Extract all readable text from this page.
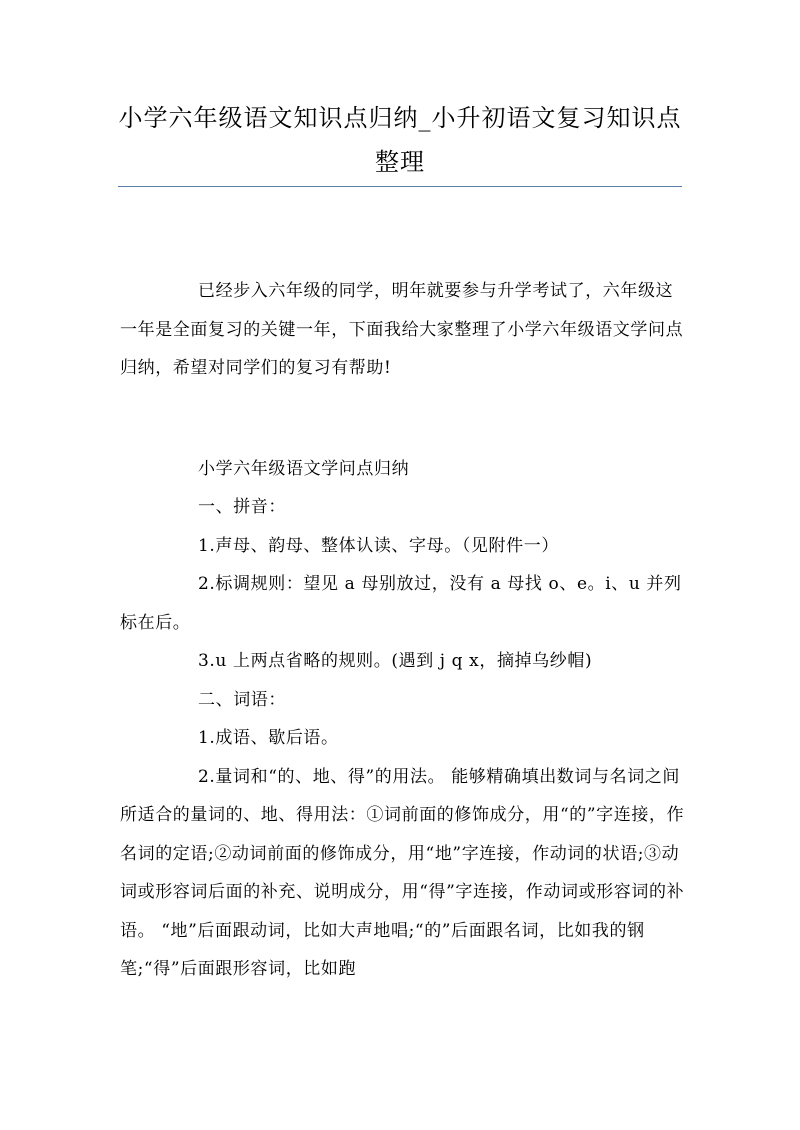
小学六年级语文知识点归纳_小升初语文复习知识点整理

已经步入六年级的同学，明年就要参与升学考试了，六年级这一年是全面复习的关键一年，下面我给大家整理了小学六年级语文学问点归纳，希望对同学们的复习有帮助!

小学六年级语文学问点归纳

一、拼音：

1.声母、韵母、整体认读、字母。（见附件一）

2.标调规则：望见 a 母别放过，没有 a 母找 o、e。i、u 并列标在后。

3.u 上两点省略的规则。(遇到 j q x，摘掉乌纱帽)

二、词语：

1.成语、歇后语。

2.量词和“的、地、得”的用法。 能够精确填出数词与名词之间所适合的量词的、地、得用法：①词前面的修饰成分，用“的”字连接，作名词的定语;②动词前面的修饰成分，用“地”字连接，作动词的状语;③动词或形容词后面的补充、说明成分，用“得”字连接，作动词或形容词的补语。 “地”后面跟动词，比如大声地唱;“的”后面跟名词，比如我的钢笔;“得”后面跟形容词，比如跑
